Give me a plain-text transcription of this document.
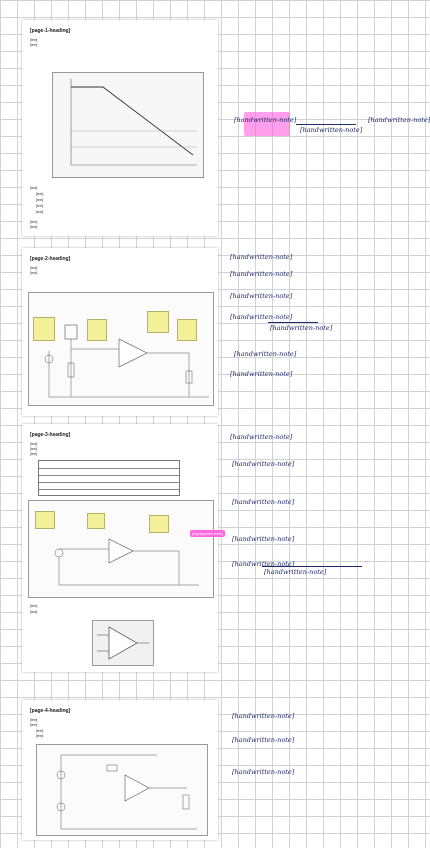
[page-1-heading]
[text]
[text]
[text]
[text]
[text]
[text]
[text]
[text]
[text]
[page-2-heading]
[text]
[text]
[page-3-heading]
[text]
[text]
[text]
[text]
[text]
[page-4-heading]
[text]
[text]
[text]
[text]
[handwritten-note]
[handwritten-note]
[handwritten-note]
[handwritten-note]
[handwritten-note]
[handwritten-note]
[handwritten-note]
[handwritten-note]
[handwritten-note]
[handwritten-note]
[handwritten-note]
[handwritten-note]
[handwritten-note]
[handwritten-note]
[handwritten-note]
[handwritten-note]
[highlighted-note]
[handwritten-note]
[handwritten-note]
[handwritten-note]
